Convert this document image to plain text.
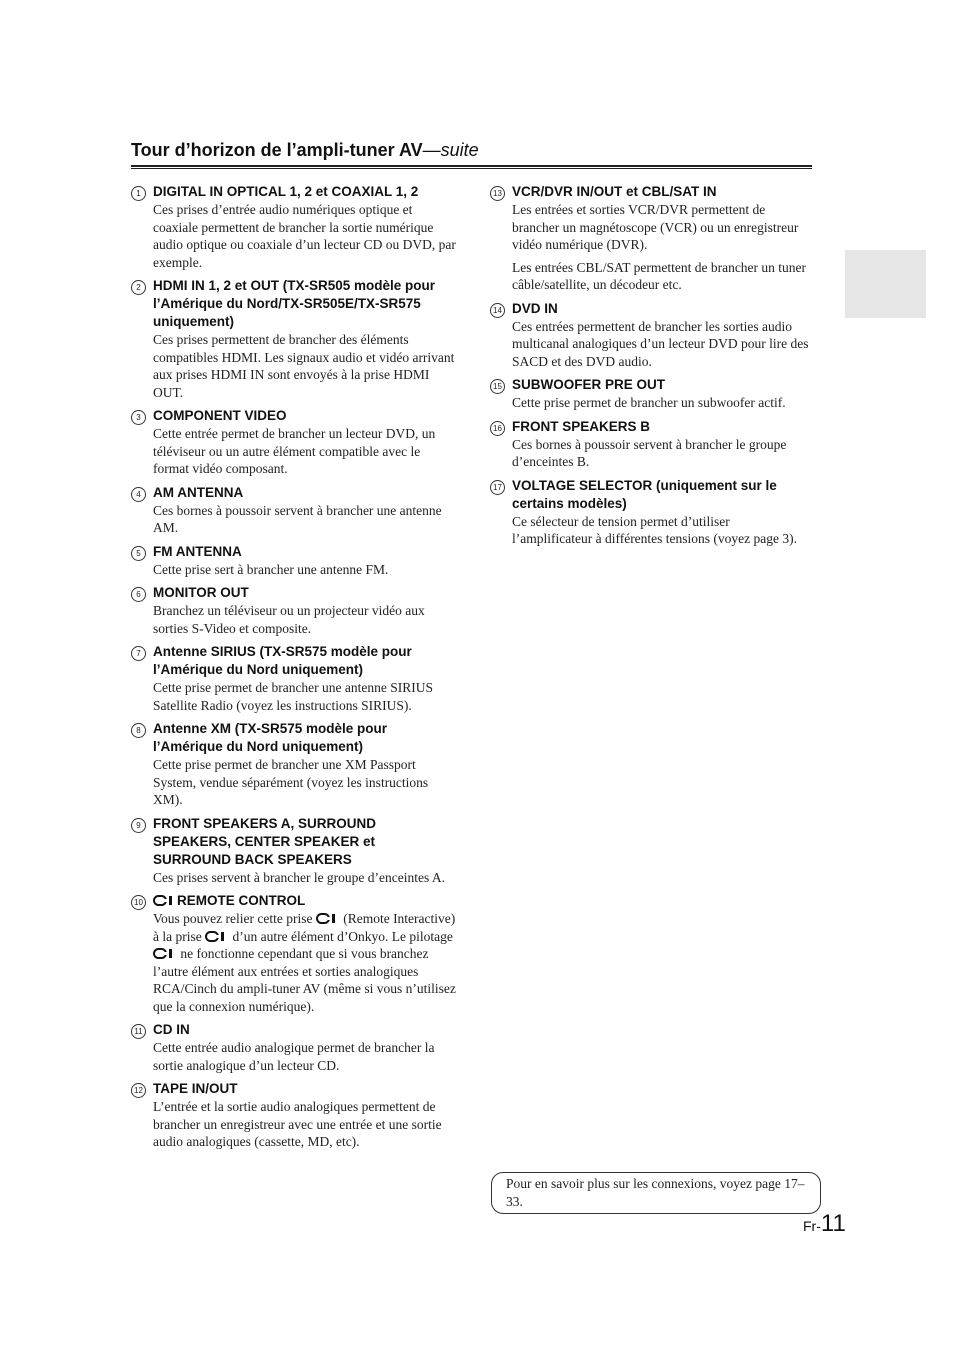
Tour d’horizon de l’ampli-tuner AV—suite
1 DIGITAL IN OPTICAL 1, 2 et COAXIAL 1, 2
Ces prises d’entrée audio numériques optique et coaxiale permettent de brancher la sortie numérique audio optique ou coaxiale d’un lecteur CD ou DVD, par exemple.
2 HDMI IN 1, 2 et OUT (TX-SR505 modèle pour l’Amérique du Nord/TX-SR505E/TX-SR575 uniquement)
Ces prises permettent de brancher des éléments compatibles HDMI. Les signaux audio et vidéo arrivant aux prises HDMI IN sont envoyés à la prise HDMI OUT.
3 COMPONENT VIDEO
Cette entrée permet de brancher un lecteur DVD, un téléviseur ou un autre élément compatible avec le format vidéo composant.
4 AM ANTENNA
Ces bornes à poussoir servent à brancher une antenne AM.
5 FM ANTENNA
Cette prise sert à brancher une antenne FM.
6 MONITOR OUT
Branchez un téléviseur ou un projecteur vidéo aux sorties S-Video et composite.
7 Antenne SIRIUS (TX-SR575 modèle pour l’Amérique du Nord uniquement)
Cette prise permet de brancher une antenne SIRIUS Satellite Radio (voyez les instructions SIRIUS).
8 Antenne XM (TX-SR575 modèle pour l’Amérique du Nord uniquement)
Cette prise permet de brancher une XM Passport System, vendue séparément (voyez les instructions XM).
9 FRONT SPEAKERS A, SURROUND SPEAKERS, CENTER SPEAKER et SURROUND BACK SPEAKERS
Ces prises servent à brancher le groupe d’enceintes A.
10	REMOTE CONTROL
Vous pouvez relier cette prise  (Remote Interactive) à la prise  d’un autre élément d’Onkyo. Le pilotage  ne fonctionne cependant que si vous branchez l’autre élément aux entrées et sorties analogiques RCA/Cinch du ampli-tuner AV (même si vous n’utilisez que la connexion numérique).
11 CD IN
Cette entrée audio analogique permet de brancher la sortie analogique d’un lecteur CD.
12 TAPE IN/OUT
L’entrée et la sortie audio analogiques permettent de brancher un enregistreur avec une entrée et une sortie audio analogiques (cassette, MD, etc).
13 VCR/DVR IN/OUT et CBL/SAT IN
Les entrées et sorties VCR/DVR permettent de brancher un magnétoscope (VCR) ou un enregistreur vidéo numérique (DVR).
Les entrées CBL/SAT permettent de brancher un tuner câble/satellite, un décodeur etc.
14 DVD IN
Ces entrées permettent de brancher les sorties audio multicanal analogiques d’un lecteur DVD pour lire des SACD et des DVD audio.
15 SUBWOOFER PRE OUT
Cette prise permet de brancher un subwoofer actif.
16 FRONT SPEAKERS B
Ces bornes à poussoir servent à brancher le groupe d’enceintes B.
17 VOLTAGE SELECTOR (uniquement sur le certains modèles)
Ce sélecteur de tension permet d’utiliser l’amplificateur à différentes tensions (voyez page 3).
Pour en savoir plus sur les connexions, voyez page 17–33.
Fr-11
